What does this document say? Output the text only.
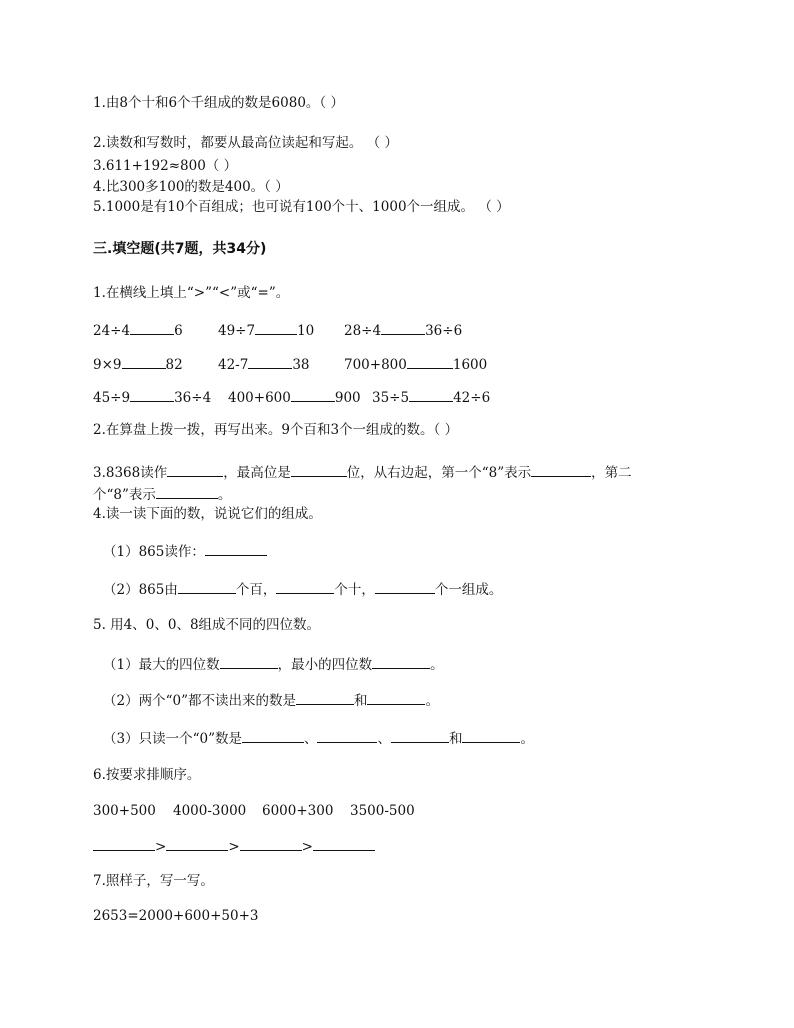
1.由8个十和6个千组成的数是6080。（ ）
2.读数和写数时，都要从最高位读起和写起。 （ ）
3.611+192≈800（ ）
4.比300多100的数是400。（ ）
5.1000是有10个百组成；也可说有100个十、1000个一组成。 （ ）
三.填空题(共7题，共34分)
1.在横线上填上“>”“<”或“=”。
24÷4	6	49÷7	10 28÷4	36÷6
9×9	82	42-7	38	700+800	1600
45÷9	36÷4 400+600	900 35÷5	42÷6
2.在算盘上拨一拨，再写出来。9个百和3个一组成的数。（ ）
3.8368读作	，最高位是	位，从右边起，第一个“8”表示	，第二
个“8”表示	。
4.读一读下面的数，说说它们的组成。
（1）865读作：
（2）865由	个百，	个十，	个一组成。
5. 用4、0、0、8组成不同的四位数。
（1）最大的四位数	，最小的四位数	。
（2）两个“0”都不读出来的数是	和	。
（3）只读一个“0”数是	、	、	和	。
6.按要求排顺序。
300+500 4000-3000 6000+300 3500-500
>	>	>
7.照样子，写一写。
2653=2000+600+50+3
